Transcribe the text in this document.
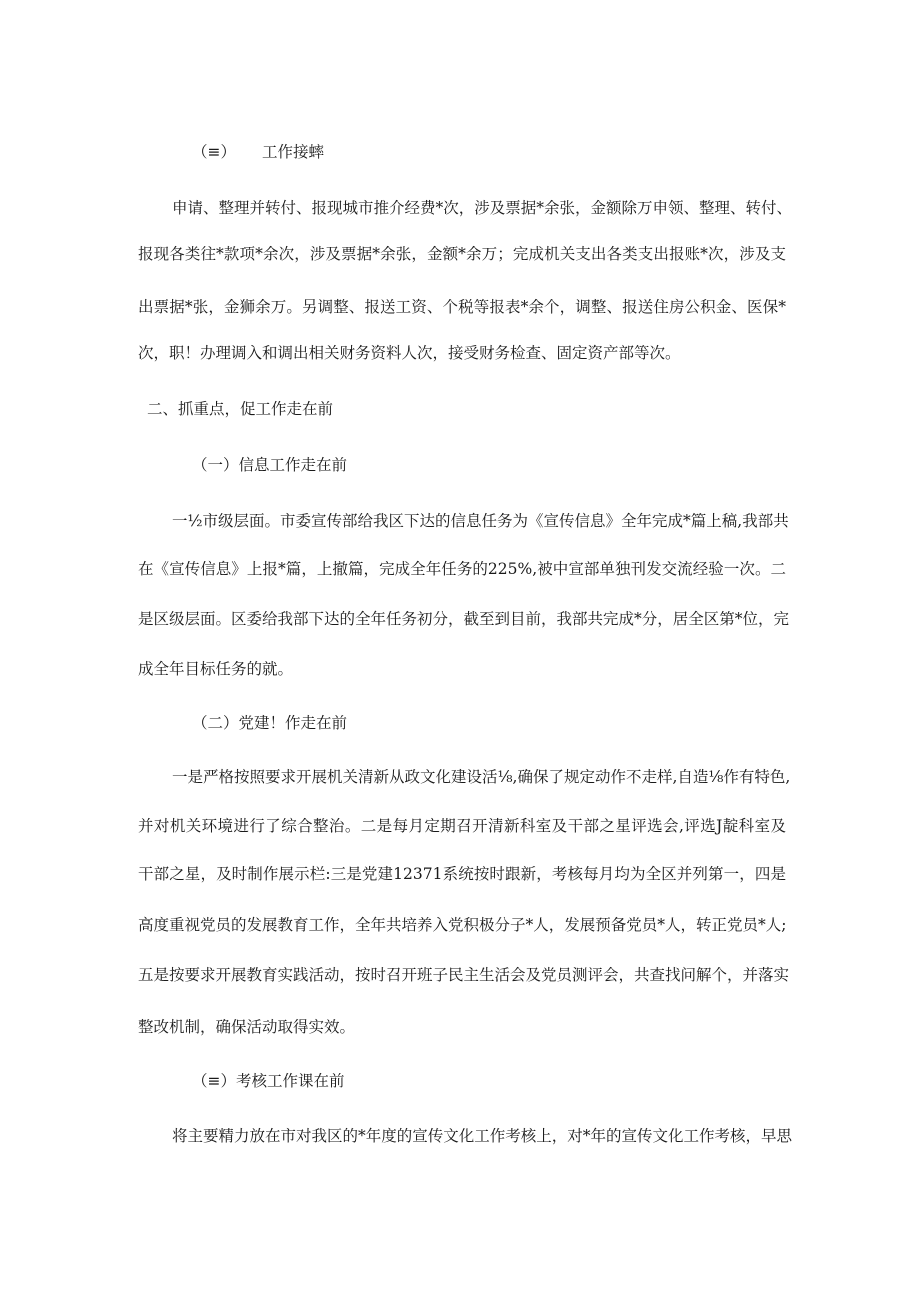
（≡） 工作接蟀
申请、整理并转付、报现城市推介经费*次，涉及票据*余张，金额除万申领、整理、转付、
报现各类往*款项*余次，涉及票据*余张，金额*余万；完成机关支出各类支出报账*次，涉及支
出票据*张，金狮余万。另调整、报送工资、个税等报表*余个，调整、报送住房公积金、医保*
次，职！办理调入和调出相关财务资料人次，接受财务检查、固定资产部等次。
二、抓重点，促工作走在前
（一）信息工作走在前
一½市级层面。市委宣传部给我区下达的信息任务为《宣传信息》全年完成*篇上稿,我部共
在《宣传信息》上报*篇，上撤篇，完成全年任务的225%,被中宣部单独刊发交流经验一次。二
是区级层面。区委给我部下达的全年任务初分，截至到目前，我部共完成*分，居全区第*位，完
成全年目标任务的就。
（二）党建！作走在前
一是严格按照要求开展机关清新从政文化建设活⅛,确保了规定动作不走样,自造⅛作有特色,
并对机关环境进行了综合整治。二是每月定期召开清新科室及干部之星评选会,评选J靛科室及
干部之星，及时制作展示栏:三是党建12371系统按时跟新，考核每月均为全区并列第一，四是
高度重视党员的发展教育工作，全年共培养入党积极分子*人，发展预备党员*人，转正党员*人;
五是按要求开展教育实践活动，按时召开班子民主生活会及党员测评会，共查找问解个，并落实
整改机制，确保活动取得实效。
（≡）考核工作课在前
将主要精力放在市对我区的*年度的宣传文化工作考核上，对*年的宣传文化工作考核，早思
